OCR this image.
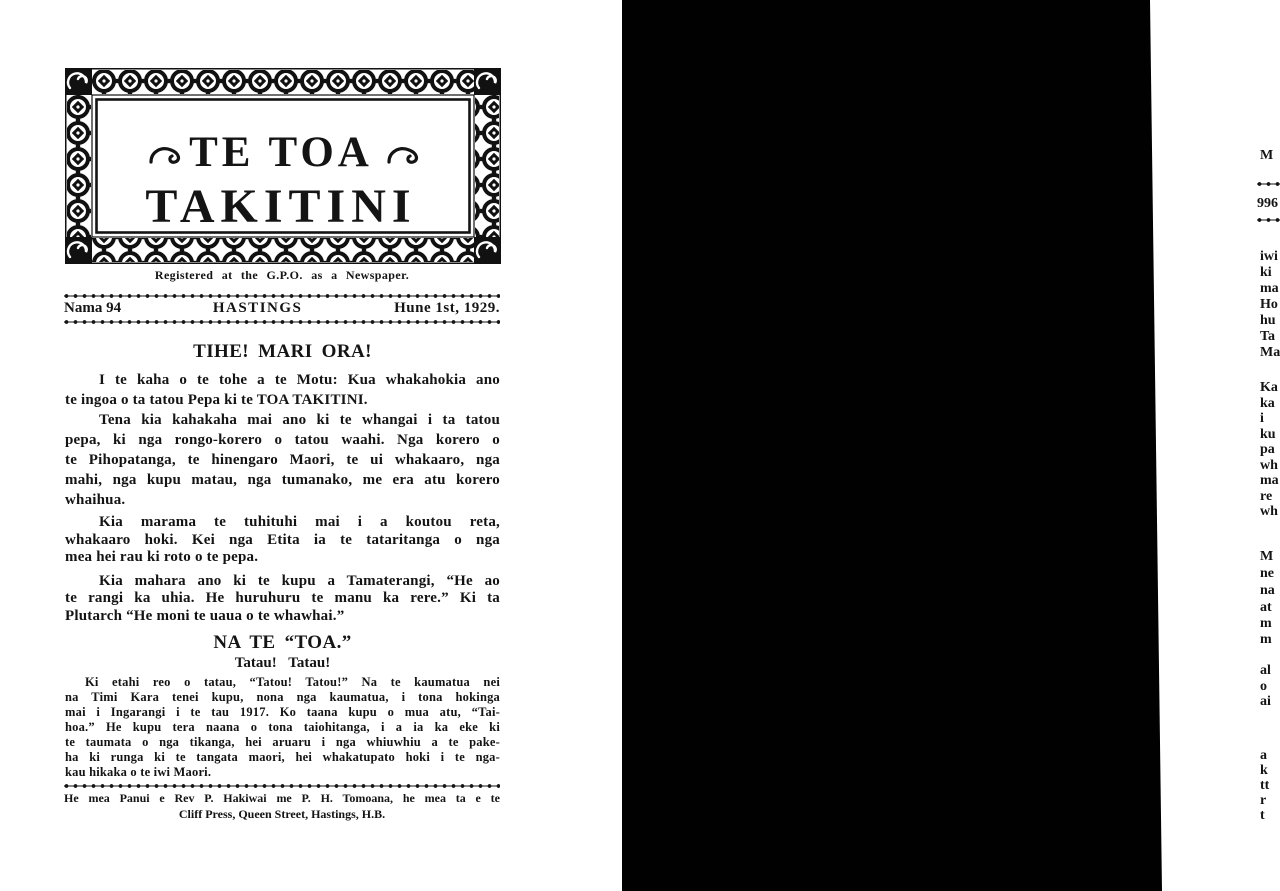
TE TOA
TAKITINI
Registered at the G.P.O. as a Newspaper.
Nama 94	HASTINGS	Hune 1st, 1929.
TIHE! MARI ORA!
I te kaha o te tohe a te Motu: Kua whakahokia ano
te ingoa o ta tatou Pepa ki te TOA TAKITINI.
Tena kia kahakaha mai ano ki te whangai i ta tatou
pepa, ki nga rongo-korero o tatou waahi. Nga korero o
te Pihopatanga, te hinengaro Maori, te ui whakaaro, nga
mahi, nga kupu matau, nga tumanako, me era atu korero
whaihua.
Kia marama te tuhituhi mai i a koutou reta,
whakaaro hoki. Kei nga Etita ia te tataritanga o nga
mea hei rau ki roto o te pepa.
Kia mahara ano ki te kupu a Tamaterangi, “He ao
te rangi ka uhia. He huruhuru te manu ka rere.” Ki ta
Plutarch “He moni te uaua o te whawhai.”
NA TE “TOA.”
Tatau! Tatau!
Ki etahi reo o tatau, “Tatou! Tatou!” Na te kaumatua nei
na Timi Kara tenei kupu, nona nga kaumatua, i tona hokinga
mai i Ingarangi i te tau 1917. Ko taana kupu o mua atu, “Tai-
hoa.” He kupu tera naana o tona taiohitanga, i a ia ka eke ki
te taumata o nga tikanga, hei aruaru i nga whiuwhiu a te pake-
ha ki runga ki te tangata maori, hei whakatupato hoki i te nga-
kau hikaka o te iwi Maori.
He mea Panui e Rev P. Hakiwai me P. H. Tomoana, he mea ta e te
Cliff Press, Queen Street, Hastings, H.B.
M
996
iwi
ki
ma
Ho
hu
Ta
Ma
Ka
ka
i
ku
pa
wh
ma
re
wh
M
ne
na
at
m
m
al
o
ai
a
k
tt
r
t
